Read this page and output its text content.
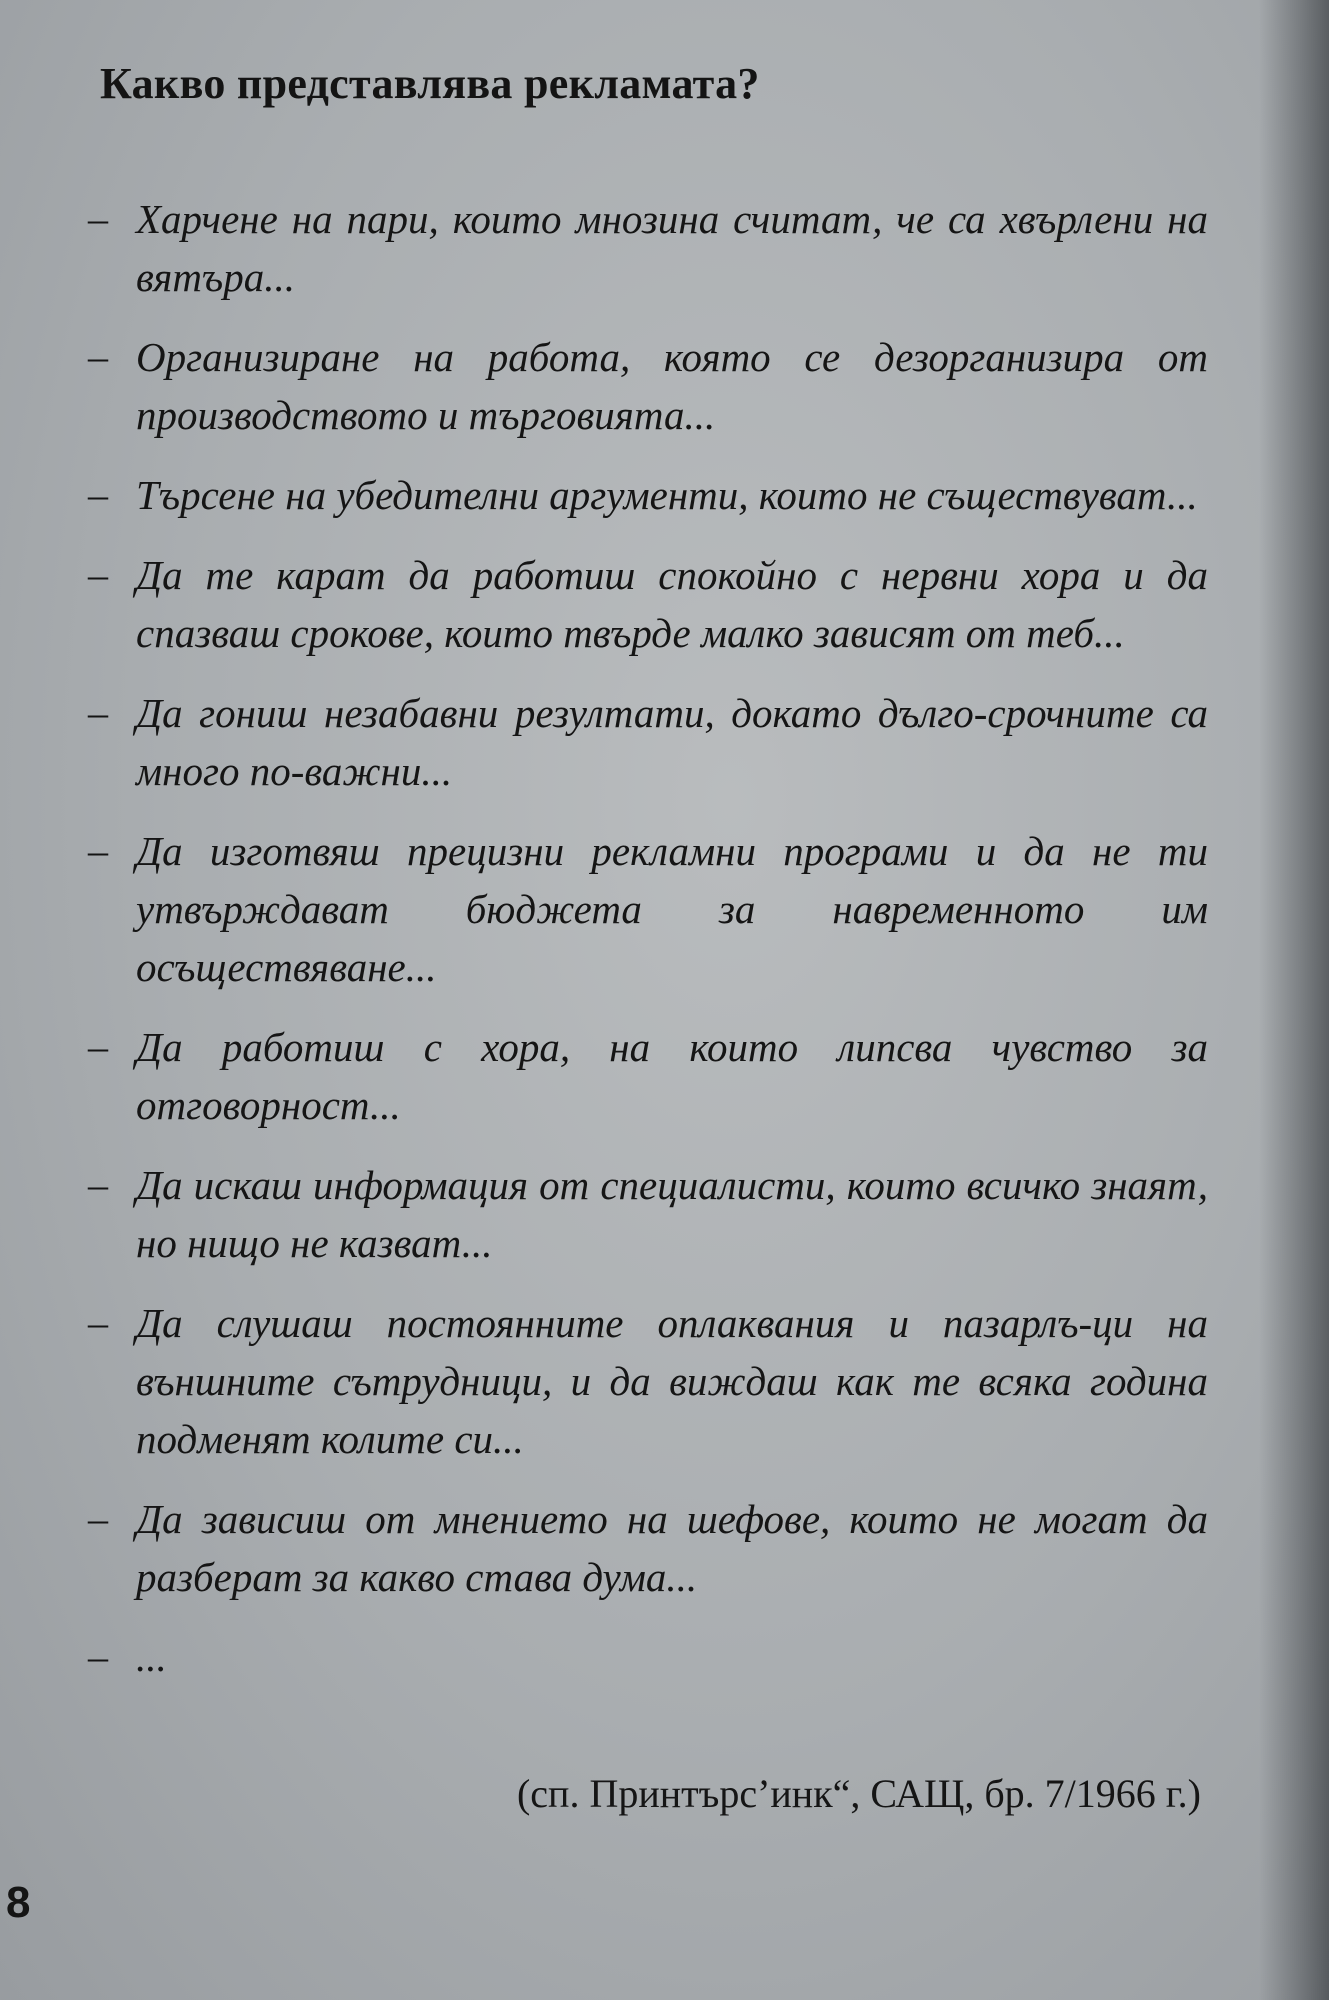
Какво представлява рекламата?
– Харчене на пари, които мнозина считат, че са хвърлени на вятъра...
– Организиране на работа, която се дезорганизира от производството и търговията...
– Търсене на убедителни аргументи, които не съществуват...
– Да те карат да работиш спокойно с нервни хора и да спазваш срокове, които твърде малко зависят от теб...
– Да гониш незабавни резултати, докато дълго-срочните са много по-важни...
– Да изготвяш прецизни рекламни програми и да не ти утвърждават бюджета за навременното им осъществяване...
– Да работиш с хора, на които липсва чувство за отговорност...
– Да искаш информация от специалисти, които всичко знаят, но нищо не казват...
– Да слушаш постоянните оплаквания и пазарлъ-ци на външните сътрудници, и да виждаш как те всяка година подменят колите си...
– Да зависиш от мнението на шефове, които не могат да разберат за какво става дума...
– ...
(сп. Принтърс’инк“, САЩ, бр. 7/1966 г.)
8
